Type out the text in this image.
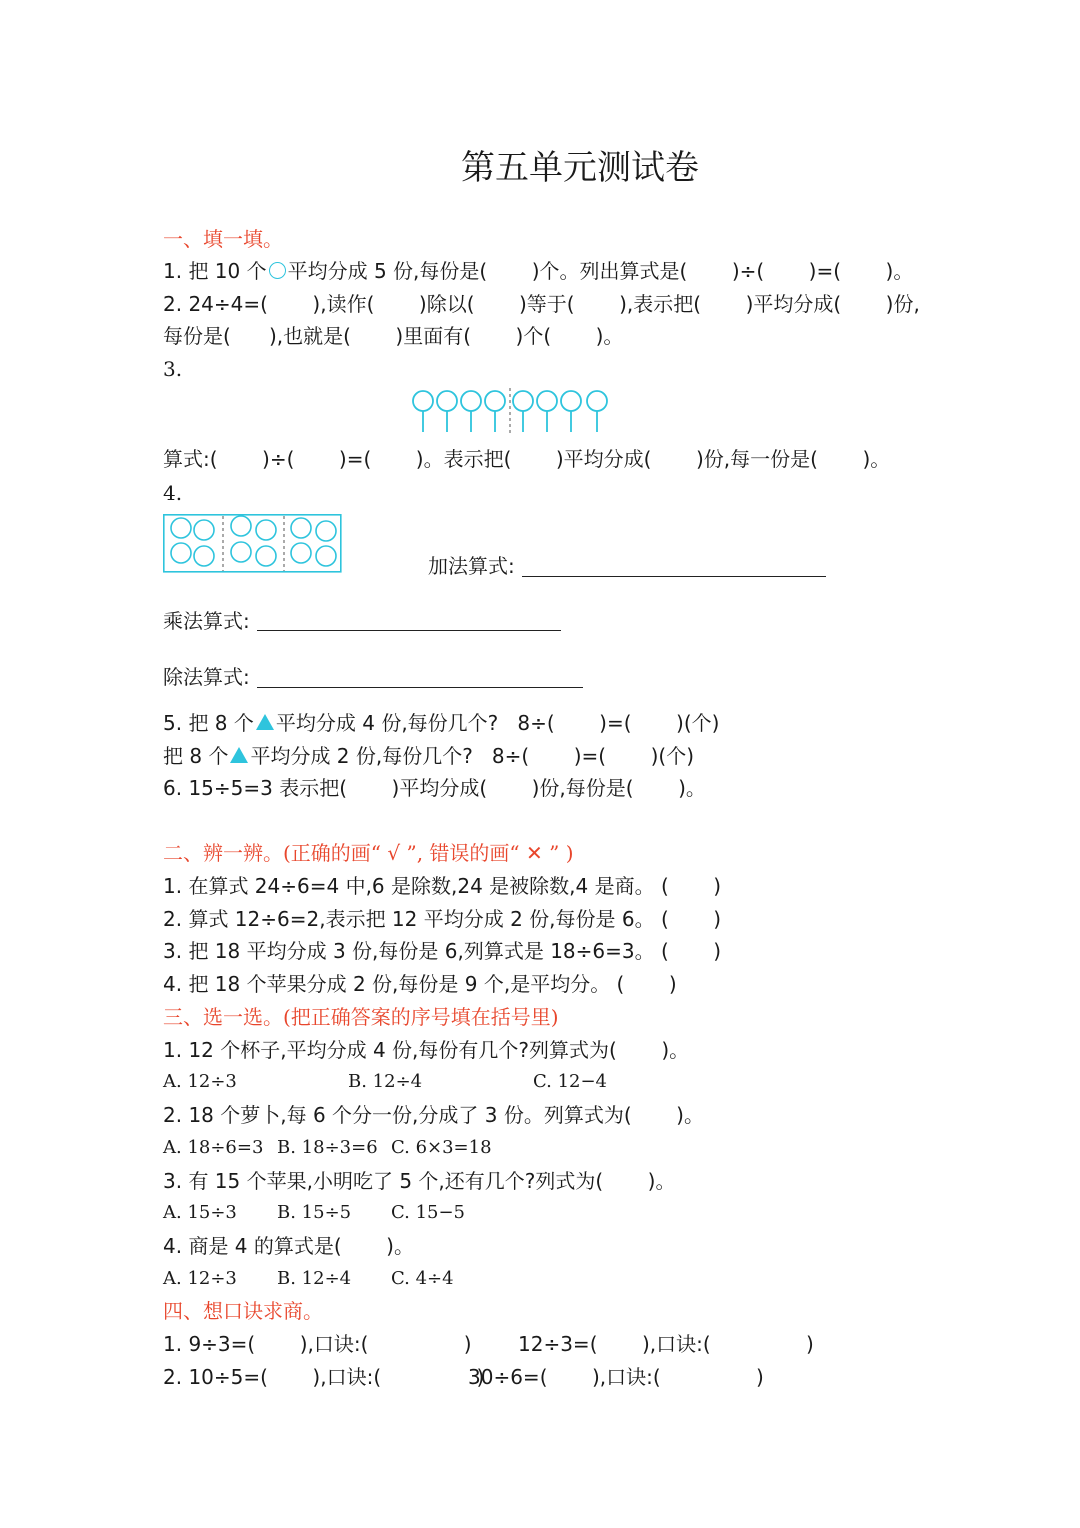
第五单元测试卷
一、填一填。
1. 把 10 个 平均分成 5 份,每份是(       )个。列出算式是(       )÷(       )=(       )。
2. 24÷4=(       ),读作(       )除以(       )等于(       ),表示把(       )平均分成(       )份,
每份是(      ),也就是(       )里面有(       )个(       )。
3.
算式:(       )÷(       )=(       )。表示把(       )平均分成(       )份,每一份是(       )。
4.
加法算式:
乘法算式:
除法算式:
5. 把 8 个 平均分成 4 份,每份几个?   8÷(       )=(       )(个)
把 8 个 平均分成 2 份,每份几个?   8÷(       )=(       )(个)
6. 15÷5=3 表示把(       )平均分成(       )份,每份是(       )。
二、辨一辨。(正确的画“ √ ”, 错误的画“ ✕ ” )
1. 在算式 24÷6=4 中,6 是除数,24 是被除数,4 是商。 (       )
2. 算式 12÷6=2,表示把 12 平均分成 2 份,每份是 6。 (       )
3. 把 18 平均分成 3 份,每份是 6,列算式是 18÷6=3。 (       )
4. 把 18 个苹果分成 2 份,每份是 9 个,是平均分。 (       )
三、选一选。(把正确答案的序号填在括号里)
1. 12 个杯子,平均分成 4 份,每份有几个?列算式为(       )。
A. 12÷3	B. 12÷4	C. 12−4
2. 18 个萝卜,每 6 个分一份,分成了 3 份。列算式为(       )。
A. 18÷6=3 B. 18÷3=6 C. 6×3=18
3. 有 15 个苹果,小明吃了 5 个,还有几个?列式为(       )。
A. 15÷3 B. 15÷5 C. 15−5
4. 商是 4 的算式是(       )。
A. 12÷3 B. 12÷4 C. 4÷4
四、想口诀求商。
1. 9÷3=(       ),口诀:(               ) 12÷3=(       ),口诀:(               )
2. 10÷5=(       ),口诀:(               )
30÷6=(       ),口诀:(               )
